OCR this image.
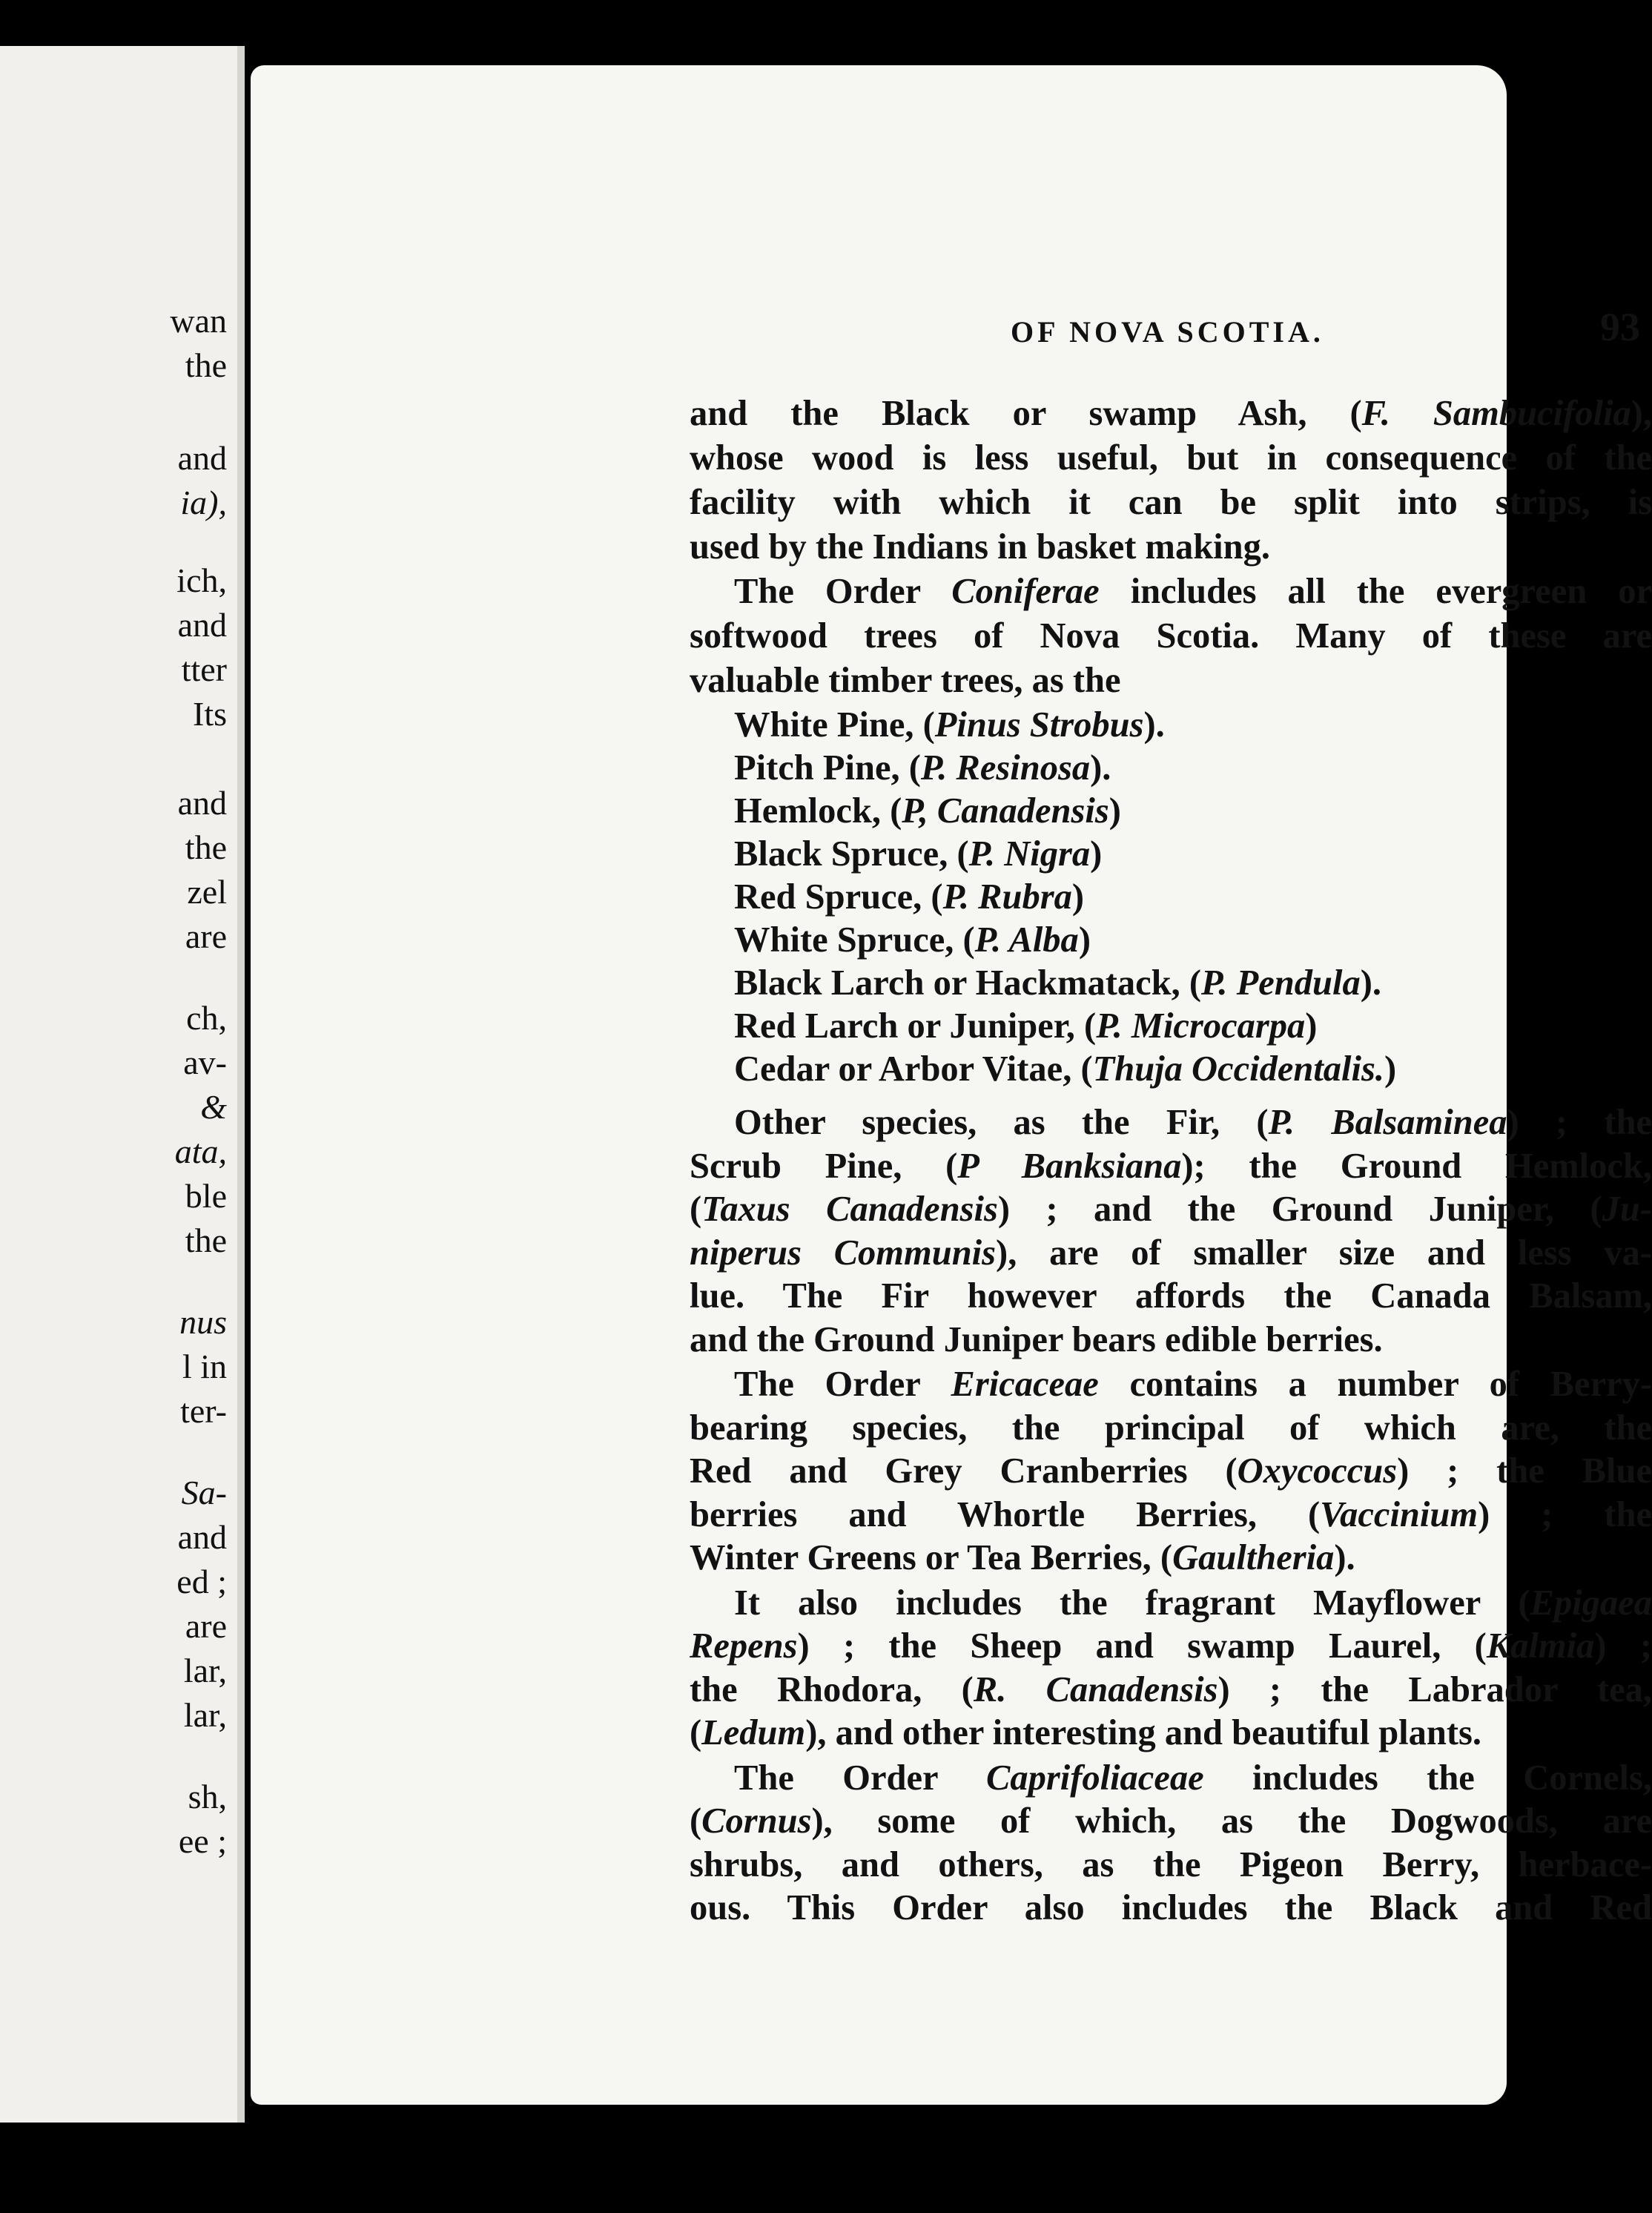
wan
the
and
ia),
ich,
and
tter
Its
and
the
zel
are
ch,
av-
&
ata,
ble
the
nus
l in
ter-
Sa-
and
ed ;
are
lar,
lar,
sh,
ee ;
OF NOVA SCOTIA.	93
and the Black or swamp Ash, (F. Sambucifolia),
whose wood is less useful, but in consequence of the
facility with which it can be split into strips, is
used by the Indians in basket making.
The Order Coniferae includes all the evergreen or
softwood trees of Nova Scotia. Many of these are
valuable timber trees, as the
White Pine, (Pinus Strobus).
Pitch Pine, (P. Resinosa).
Hemlock, (P, Canadensis)
Black Spruce, (P. Nigra)
Red Spruce, (P. Rubra)
White Spruce, (P. Alba)
Black Larch or Hackmatack, (P. Pendula).
Red Larch or Juniper, (P. Microcarpa)
Cedar or Arbor Vitae, (Thuja Occidentalis.)
Other species, as the Fir, (P. Balsaminea) ; the
Scrub Pine, (P Banksiana); the Ground Hemlock,
(Taxus Canadensis) ; and the Ground Juniper, (Ju-
niperus Communis), are of smaller size and less va-
lue. The Fir however affords the Canada Balsam,
and the Ground Juniper bears edible berries.
The Order Ericaceae contains a number of Berry-
bearing species, the principal of which are, the
Red and Grey Cranberries (Oxycoccus) ; the Blue
berries and Whortle Berries, (Vaccinium) ; the
Winter Greens or Tea Berries, (Gaultheria).
It also includes the fragrant Mayflower (Epigaea
Repens) ; the Sheep and swamp Laurel, (Kalmia) ;
the Rhodora, (R. Canadensis) ; the Labrador tea,
(Ledum), and other interesting and beautiful plants.
The Order Caprifoliaceae includes the Cornels,
(Cornus), some of which, as the Dogwoods, are
shrubs, and others, as the Pigeon Berry, herbace-
ous. This Order also includes the Black and Red
